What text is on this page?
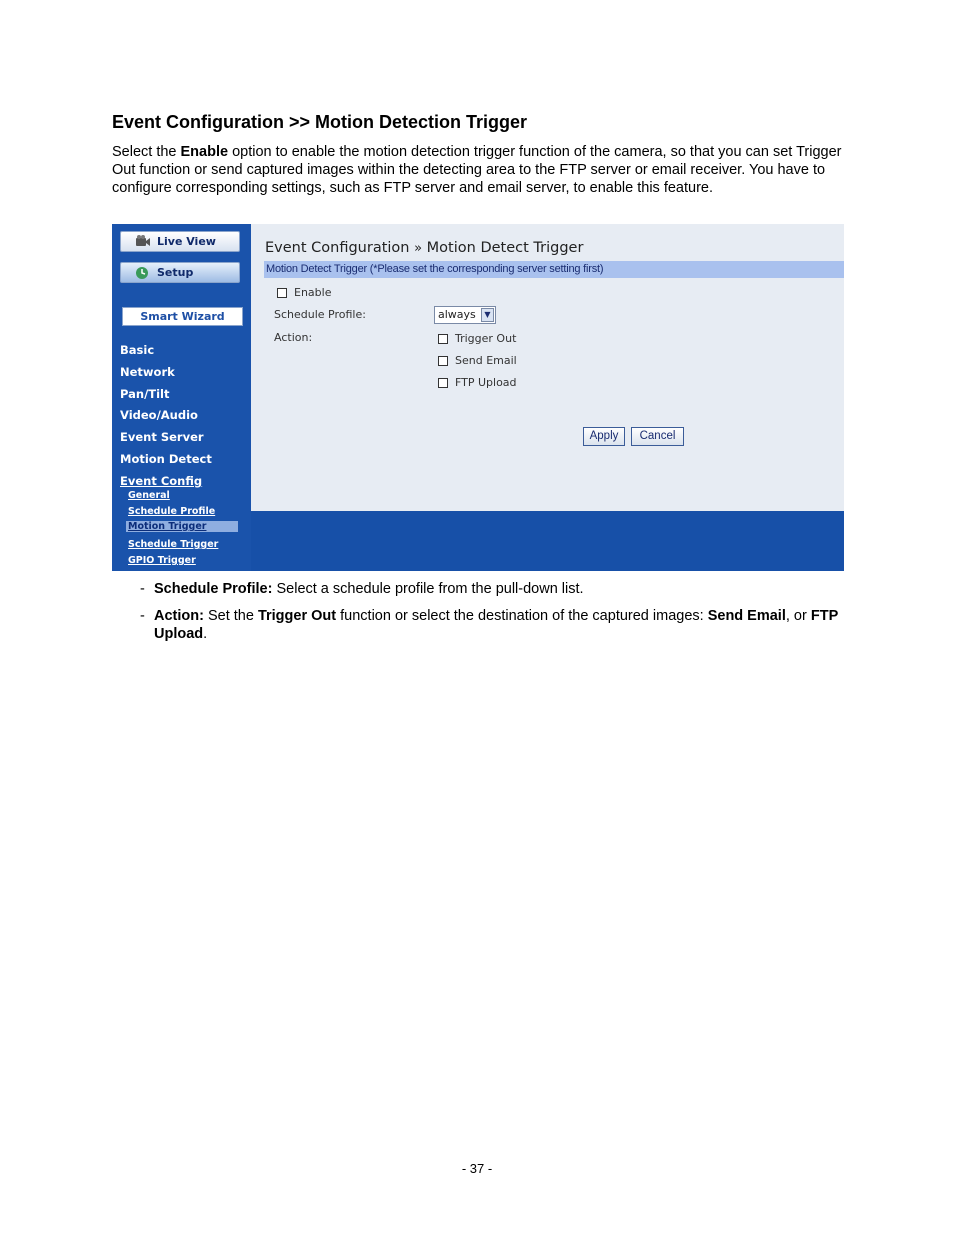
Event Configuration >> Motion Detection Trigger
Select the Enable option to enable the motion detection trigger function of the camera, so that you can set Trigger Out function or send captured images within the detecting area to the FTP server or email receiver. You have to configure corresponding settings, such as FTP server and email server, to enable this feature.
Live View
Setup
Smart Wizard
Basic
Network
Pan/Tilt
Video/Audio
Event Server
Motion Detect
Event Config
General
Schedule Profile
Motion Trigger
Schedule Trigger
GPIO Trigger
Event Configuration » Motion Detect Trigger
Motion Detect Trigger (*Please set the corresponding server setting first)
Enable
Schedule Profile:	always	▼
Action:	Trigger Out
Send Email
FTP Upload
Apply	Cancel
- Schedule Profile: Select a schedule profile from the pull-down list.
- Action: Set the Trigger Out function or select the destination of the captured images: Send Email, or FTP Upload.
- 37 -
